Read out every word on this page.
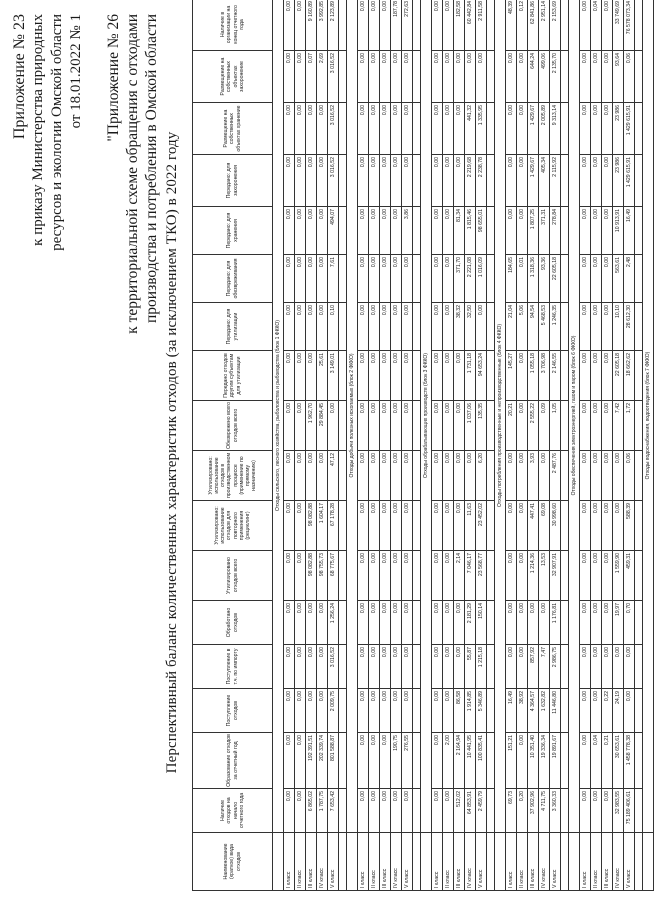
Приложение № 23 к приказу Министерства природных ресурсов и экологии Омской области от 18.01.2022 № 1 "Приложение № 26 к территориальной схеме обращения с отходами производства и потребления в Омской области Перспективный баланс количественных характеристик отходов (за исключением ТКО) в 2022 году
Наименование (краткое) вида отходов	Наличие отходов на начало отчетного года	Образование отходов за отчетный год	Поступление отходов	Поступление в т.ч. по импорту	Обработано отходов	Утилизировано отходов всего	Утилизировано: использование отходов для повторного применения (рециклинг)	Утилизировано: использование отходов в производственном процессе (применение по прямому назначению)	Обезврежено всего отходов всего	Передано отходов другим субъектам для утилизации	Передано: для утилизации	Передано: для обезвреживания	Передано: для хранения	Передано: для захоронения	Размещение на собственных объектах хранение	Размещение на собственных объектах захоронение	Наличие в организации на конец отчетного года
	Отходы сельского, лесного хозяйства, рыболовства и рыбоводства (блок 1 ФККО)																
I класс	0,00	0,00	0,00	0,00	0,00	0,00	0,00	0,00	0,00	0,00	0,00	0,00	0,00	0,00	0,00	0,00	0,00
II класс	0,00	0,00	0,00	0,00	0,00	0,00	0,00	0,00	0,00	0,00	0,00	0,00	0,00	0,00	0,00	0,00	0,00
III класс	6 865,02	192 391,51	0,00	0,00	0,00	98 082,88	98 082,88	0,00	1 962,70	0,00	0,00	0,00	0,00	0,00	0,00	0,07	9 160,89
IV класс	1 787,75	202 339,74	0,00	0,00	0,00	98 755,73	1 604,17	0,00	29 884,45	25,61	0,00	0,00	0,00	0,00	0,00	2,69	3 992,85
V класс	7 653,42	801 588,87	2 009,75	3 016,52	1 256,24	68 775,67	67 178,28	47,12	0,00	3 149,01	0,10	7,61	494,07	3 016,52	3 016,52	3 016,52	2 123,89

	Отходы добычи полезных ископаемых (блок 2 ФККО)																
I класс	0,00	0,00	0,00	0,00	0,00	0,00	0,00	0,00	0,00	0,00	0,00	0,00	0,00	0,00	0,00	0,00	0,00
II класс	0,00	0,00	0,00	0,00	0,00	0,00	0,00	0,00	0,00	0,00	0,00	0,00	0,00	0,00	0,00	0,00	0,00
III класс	0,00	0,00	0,00	0,00	0,00	0,00	0,00	0,00	0,00	0,00	0,00	0,00	0,00	0,00	0,00	0,00	0,00
IV класс	0,00	190,75	0,00	0,00	0,00	0,00	0,00	0,00	0,00	0,00	0,00	0,00	0,00	0,00	0,00	0,00	187,78
V класс	0,00	276,55	0,00	0,00	0,00	0,00	0,00	0,00	0,00	0,00	0,00	0,00	3,86	0,00	0,00	0,00	272,63

	Отходы обрабатывающих производств (блок 3 ФККО)																
I класс	0,00	0,00	0,00	0,00	0,00	0,00	0,00	0,00	0,00	0,00	0,00	0,00	0,00	0,00	0,00	0,00	0,00
II класс	0,00	2,00	0,00	0,00	0,00	0,00	0,00	0,00	0,00	0,00	0,00	0,00	0,00	0,00	0,00	0,00	0,00
III класс	512,02	2 164,94	86,58	0,00	0,00	2,14	0,00	0,00	0,00	0,00	38,32	371,70	81,34	0,00	0,00	0,00	182,58
IV класс	64 853,91	10 441,95	1 914,85	55,87	2 181,29	7 046,17	11,63	0,00	1 037,06	1 731,18	32,50	2 221,08	1 815,46	2 219,68	441,32	0,00	60 442,84
V класс	2 459,79	100 835,41	5 346,89	1 215,18	150,14	23 568,77	23 452,02	6,20	135,35	94 653,24	0,00	1 016,09	98 655,01	2 238,78	1 335,95	0,00	2 911,58

	Отходы потребления производственные и непроизводственные (блок 4 ФККО)																
I класс	69,73	151,21	16,49	0,00	0,00	0,00	0,00	0,00	20,21	145,27	21,04	184,65	0,00	0,00	0,00	0,00	48,39
II класс	0,20	0,00	38,92	0,00	0,00	0,00	0,00	0,00	0,00	0,00	5,06	0,01	0,00	0,00	0,00	0,00	0,12
III класс	37 902,96	10 351,40	4 364,57	857,92	0,00	1 214,36	447,41	3,93	2 555,22	1 055,18	94,54	1 318,36	1 807,25	1 429,67	1 429,67	644,24	62 841,86
IV класс	4 711,75	19 336,34	1 632,82	7,47	0,00	13,53	69,08	0,00	0,09	3 706,98	5 468,53	93,36	371,31	405,34	2 005,89	499,06	2 951,14
V класс	3 360,33	19 891,67	11 446,80	2 986,75	1 176,81	32 907,91	30 998,60	2 487,76	1,05	2 146,55	1 246,35	22 605,18	278,84	2 115,92	9 313,14	2 135,70	2 153,69

	Отходы обеспечения электроэнергией, газом и паром (блок 6 ФККО)																
I класс	0,00	0,00	0,00	0,00	0,00	0,00	0,00	0,00	0,00	0,00	0,00	0,00	0,00	0,00	0,00	0,00	0,00
II класс	0,00	0,04	0,00	0,00	0,00	0,00	0,00	0,00	0,00	0,00	0,00	0,00	0,00	0,00	0,00	0,00	0,04
III класс	0,00	0,21	0,22	0,00	0,00	0,00	0,00	0,00	0,00	0,00	0,00	0,00	0,00	0,00	0,00	0,00	0,00
IV класс	32 983,55	30 653,61	24,19	0,00	19,97	1 559,90	0,00	0,00	7,42	22 605,18	10,10	563,61	10 913,91	23 986	23 986	93,64	33 749,69
V класс	75 189 406,61	1 458 778,38	0,00	0,00	0,70	459,31	588,39	0,06	1,72	18 662,62	28 612,30	2,48	16,49	1 429 615,91	1 429 615,91	0,06	76 578 073,34

	Отходы водоснабжения, водоотведения (блок 7 ФККО)																
